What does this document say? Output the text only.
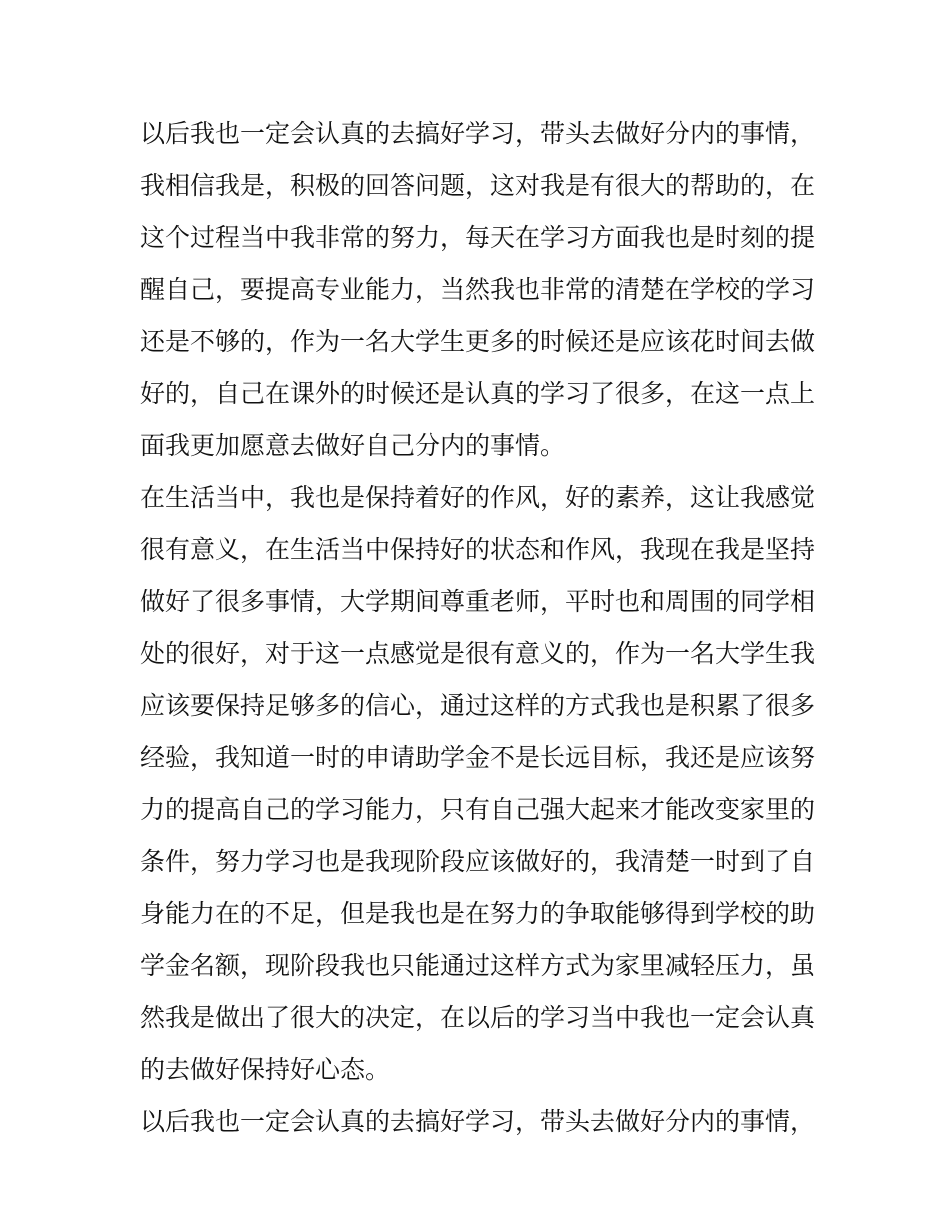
以后我也一定会认真的去搞好学习，带头去做好分内的事情，
我相信我是，积极的回答问题，这对我是有很大的帮助的，在
这个过程当中我非常的努力，每天在学习方面我也是时刻的提
醒自己，要提高专业能力，当然我也非常的清楚在学校的学习
还是不够的，作为一名大学生更多的时候还是应该花时间去做
好的，自己在课外的时候还是认真的学习了很多，在这一点上
面我更加愿意去做好自己分内的事情。
在生活当中，我也是保持着好的作风，好的素养，这让我感觉
很有意义，在生活当中保持好的状态和作风，我现在我是坚持
做好了很多事情，大学期间尊重老师，平时也和周围的同学相
处的很好，对于这一点感觉是很有意义的，作为一名大学生我
应该要保持足够多的信心，通过这样的方式我也是积累了很多
经验，我知道一时的申请助学金不是长远目标，我还是应该努
力的提高自己的学习能力，只有自己强大起来才能改变家里的
条件，努力学习也是我现阶段应该做好的，我清楚一时到了自
身能力在的不足，但是我也是在努力的争取能够得到学校的助
学金名额，现阶段我也只能通过这样方式为家里减轻压力，虽
然我是做出了很大的决定，在以后的学习当中我也一定会认真
的去做好保持好心态。
以后我也一定会认真的去搞好学习，带头去做好分内的事情，
